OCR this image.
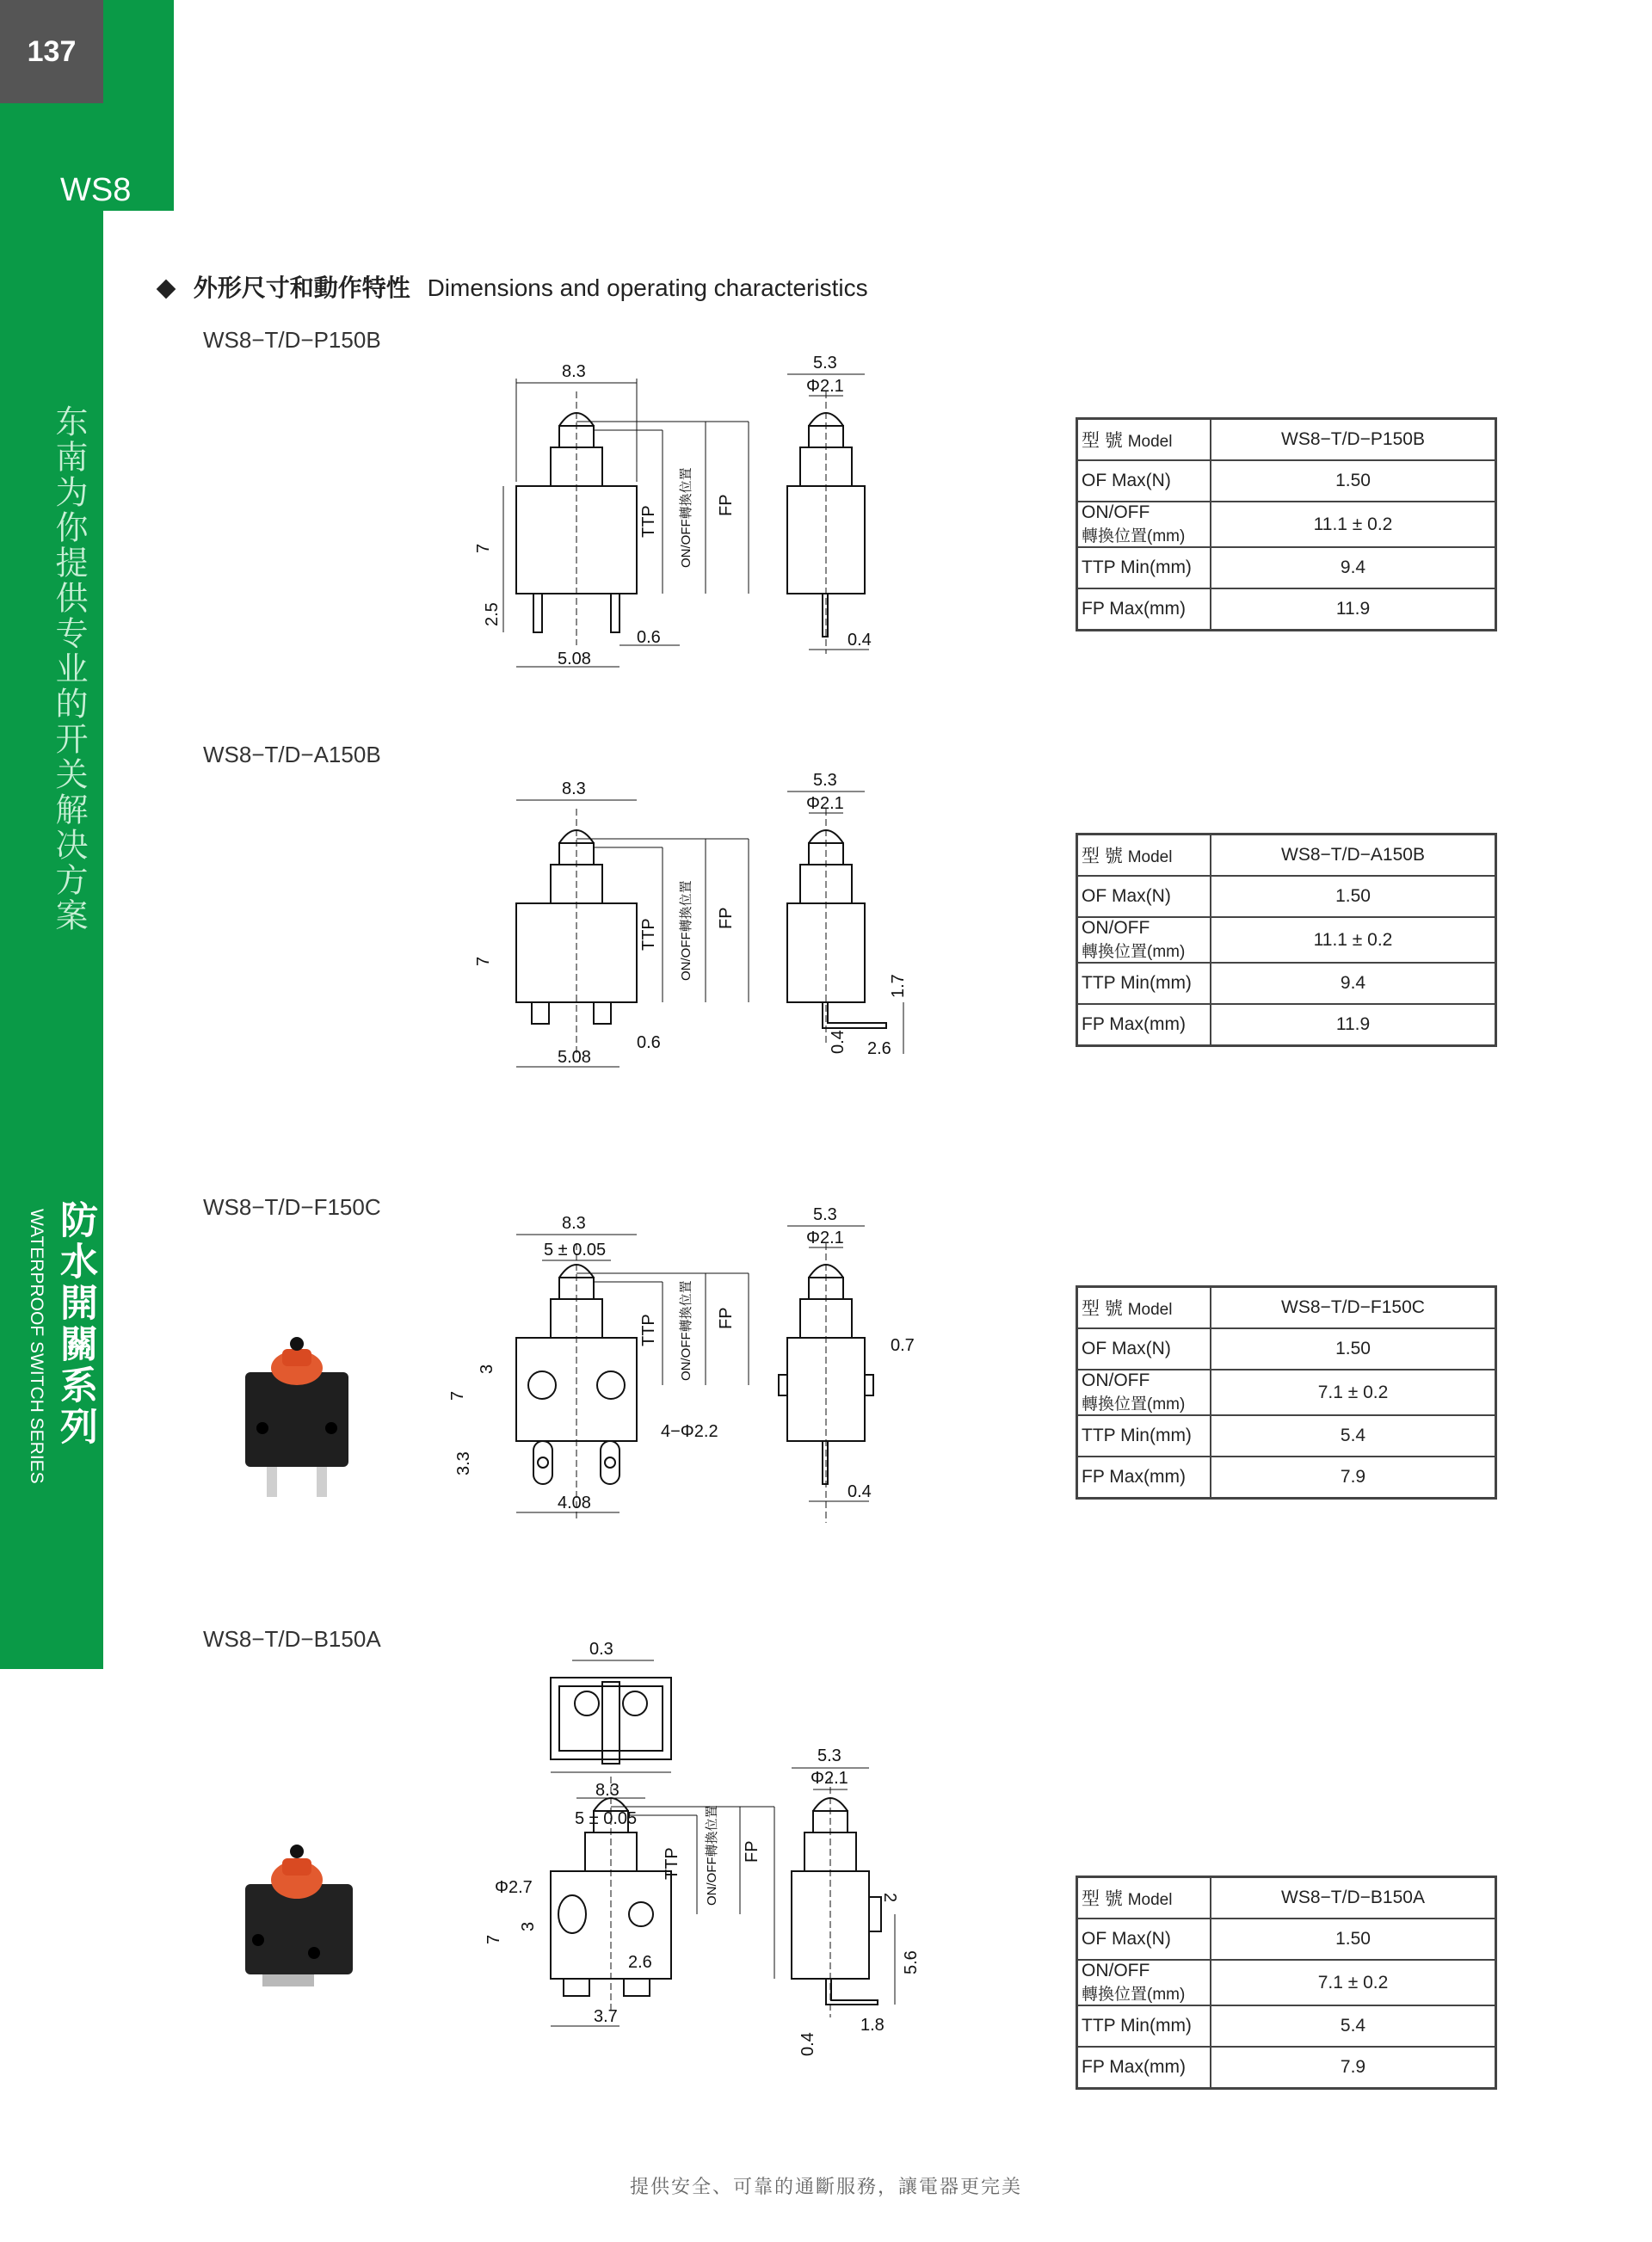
137
WS8
东南为你提供专业的开关解决方案
防水開關系列
WATERPROOF SWITCH SERIES
外形尺寸和動作特性 Dimensions and operating characteristics
WS8−T/D−P150B
8.3
7
2.5
0.6
5.08
TTP ON/OFF轉換位置 FP
5.3
Φ2.1
0.4
型 號 Model	WS8−T/D−P150B
OF Max(N)	1.50

ON/OFF
轉換位置(mm)	11.1 ± 0.2
TTP Min(mm)	9.4
FP Max(mm)	11.9
WS8−T/D−A150B
8.3
7
0.6
5.08
TTP ON/OFF轉換位置 FP
5.3
Φ2.1
1.7
0.4 2.6
型 號 Model	WS8−T/D−A150B
OF Max(N)	1.50

ON/OFF
轉換位置(mm)	11.1 ± 0.2
TTP Min(mm)	9.4
FP Max(mm)	11.9
WS8−T/D−F150C
8.3
5 ± 0.05
7
3
3.3
4.08
4−Φ2.2
TTP ON/OFF轉換位置 FP
5.3
Φ2.1
0.7
0.4
型 號 Model	WS8−T/D−F150C
OF Max(N)	1.50

ON/OFF
轉換位置(mm)	7.1 ± 0.2
TTP Min(mm)	5.4
FP Max(mm)	7.9
WS8−T/D−B150A	0.3
8.3
5 ± 0.05
Φ2.7
7
3
2.6
3.7
TTP ON/OFF轉換位置 FP
5.3
Φ2.1
2
5.6
0.4
1.8
型 號 Model	WS8−T/D−B150A
OF Max(N)	1.50

ON/OFF
轉換位置(mm)	7.1 ± 0.2
TTP Min(mm)	5.4
FP Max(mm)	7.9
提供安全、可靠的通斷服務，讓電器更完美
